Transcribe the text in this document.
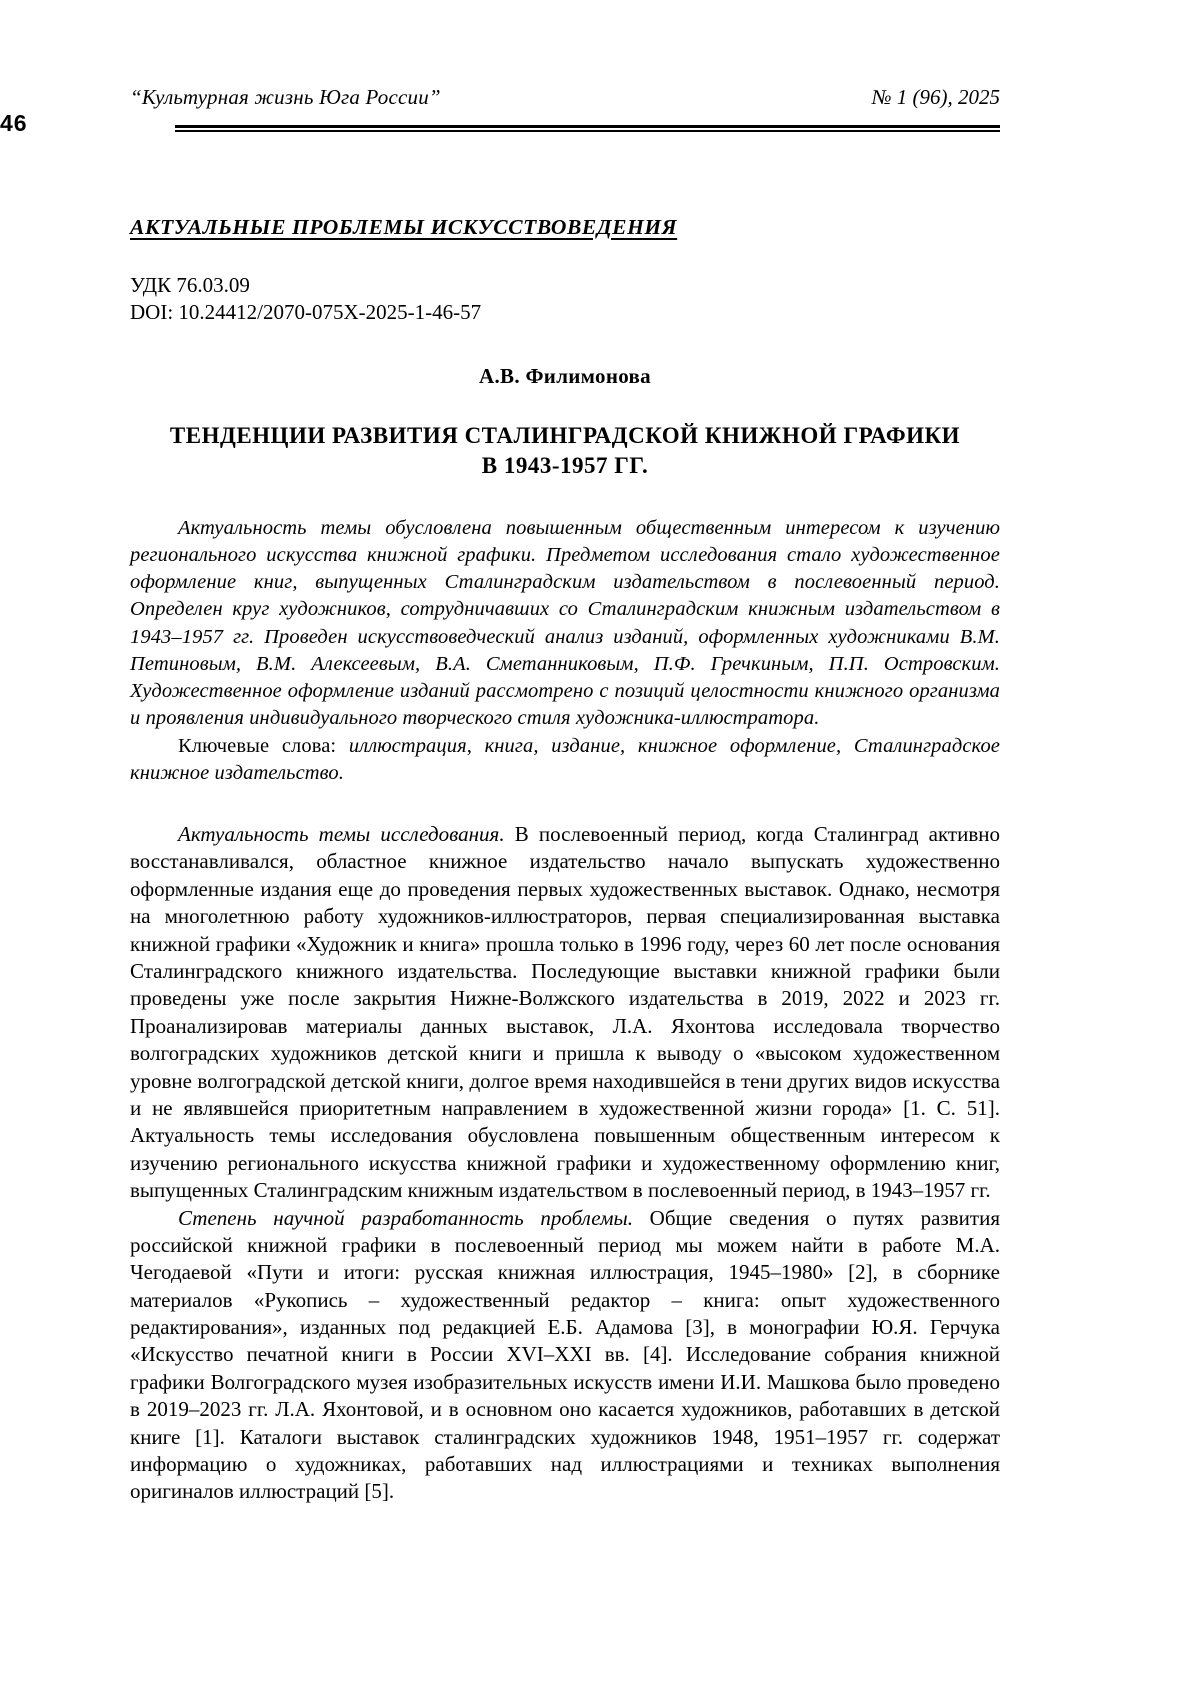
46
“Культурная жизнь Юга России”	№ 1 (96), 2025
АКТУАЛЬНЫЕ ПРОБЛЕМЫ ИСКУССТВОВЕДЕНИЯ

УДК 76.03.09

DOI: 10.24412/2070-075X-2025-1-46-57

А.В. Филимонова

ТЕНДЕНЦИИ РАЗВИТИЯ СТАЛИНГРАДСКОЙ КНИЖНОЙ ГРАФИКИ
В 1943-1957 ГГ.

Актуальность темы обусловлена повышенным общественным интересом к изучению регионального искусства книжной графики. Предметом исследования стало художественное оформление книг, выпущенных Сталинградским издательством в послевоенный период. Определен круг художников, сотрудничавших со Сталинградским книжным издательством в 1943–1957 гг. Проведен искусствоведческий анализ изданий, оформленных художниками В.М. Петиновым, В.М. Алексеевым, В.А. Сметанниковым, П.Ф. Гречкиным, П.П. Островским. Художественное оформление изданий рассмотрено с позиций целостности книжного организма и проявления индивидуального творческого стиля художника-иллюстратора.

Ключевые слова: иллюстрация, книга, издание, книжное оформление, Сталинградское книжное издательство.

Актуальность темы исследования. В послевоенный период, когда Сталинград активно восстанавливался, областное книжное издательство начало выпускать художественно оформленные издания еще до проведения первых художественных выставок. Однако, несмотря на многолетнюю работу художников-иллюстраторов, первая специализированная выставка книжной графики «Художник и книга» прошла только в 1996 году, через 60 лет после основания Сталинградского книжного издательства. Последующие выставки книжной графики были проведены уже после закрытия Нижне-Волжского издательства в 2019, 2022 и 2023 гг. Проанализировав материалы данных выставок, Л.А. Яхонтова исследовала творчество волгоградских художников детской книги и пришла к выводу о «высоком художественном уровне волгоградской детской книги, долгое время находившейся в тени других видов искусства и не являвшейся приоритетным направлением в художественной жизни города» [1. С. 51]. Актуальность темы исследования обусловлена повышенным общественным интересом к изучению регионального искусства книжной графики и художественному оформлению книг, выпущенных Сталинградским книжным издательством в послевоенный период, в 1943–1957 гг.

Степень научной разработанность проблемы. Общие сведения о путях развития российской книжной графики в послевоенный период мы можем найти в работе М.А. Чегодаевой «Пути и итоги: русская книжная иллюстрация, 1945–1980» [2], в сборнике материалов «Рукопись – художественный редактор – книга: опыт художественного редактирования», изданных под редакцией Е.Б. Адамова [3], в монографии Ю.Я. Герчука «Искусство печатной книги в России XVI–XXI вв. [4]. Исследование собрания книжной графики Волгоградского музея изобразительных искусств имени И.И. Машкова было проведено в 2019–2023 гг. Л.А. Яхонтовой, и в основном оно касается художников, работавших в детской книге [1]. Каталоги выставок сталинградских художников 1948, 1951–1957 гг. содержат информацию о художниках, работавших над иллюстрациями и техниках выполнения оригиналов иллюстраций [5].
